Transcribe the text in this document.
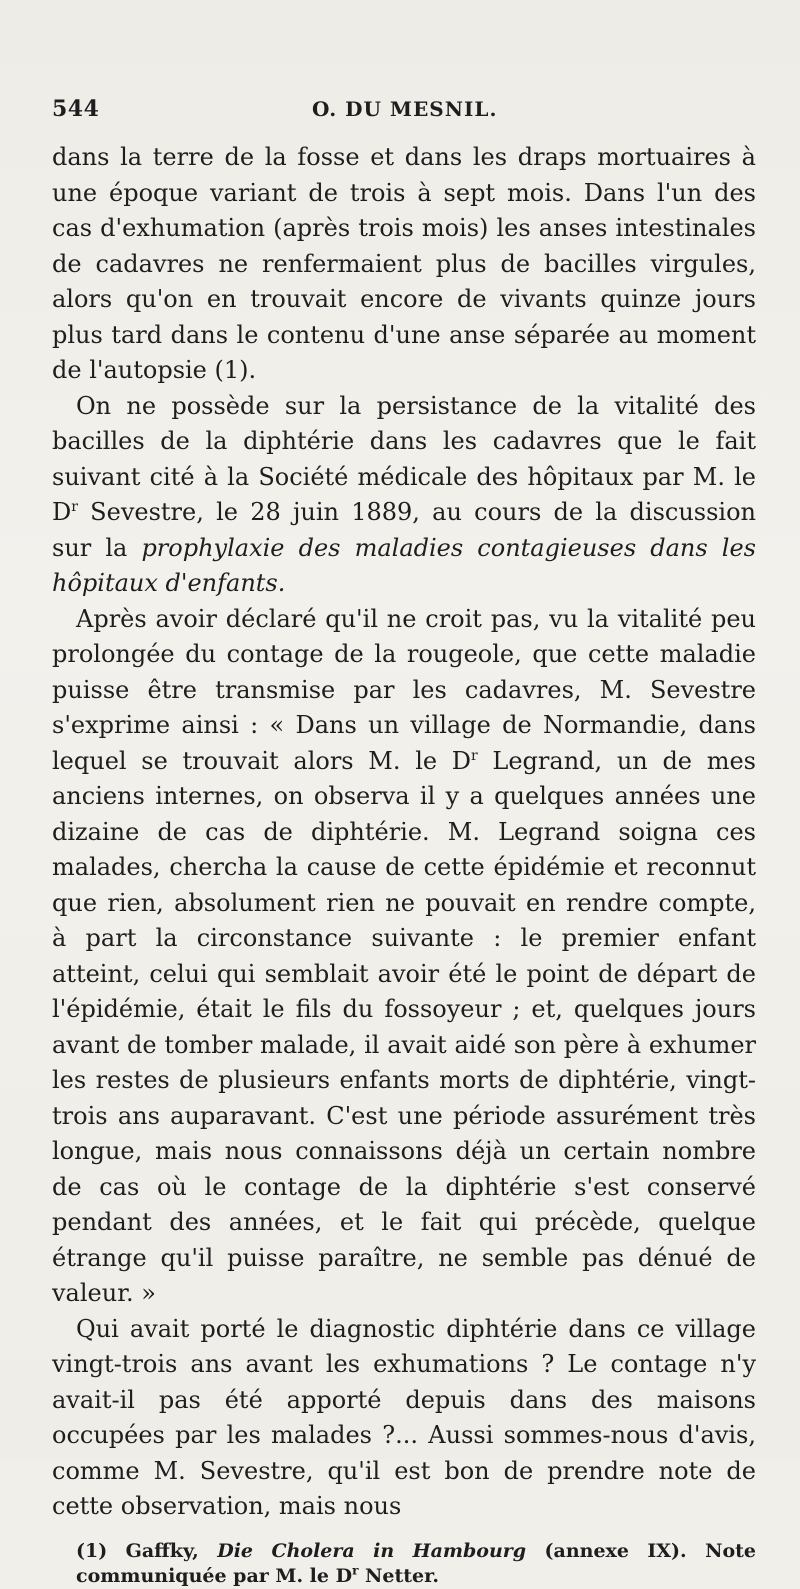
544	O. DU MESNIL.

dans la terre de la fosse et dans les draps mortuaires à une époque variant de trois à sept mois. Dans l'un des cas d'exhumation (après trois mois) les anses intestinales de cadavres ne renfermaient plus de bacilles virgules, alors qu'on en trouvait encore de vivants quinze jours plus tard dans le contenu d'une anse séparée au moment de l'autopsie (1).

On ne possède sur la persistance de la vitalité des bacilles de la diphtérie dans les cadavres que le fait suivant cité à la Société médicale des hôpitaux par M. le $D^r$ Sevestre, le 28 juin 1889, au cours de la discussion sur la prophylaxie des maladies contagieuses dans les hôpitaux d'enfants.

Après avoir déclaré qu'il ne croit pas, vu la vitalité peu prolongée du contage de la rougeole, que cette maladie puisse être transmise par les cadavres, M. Sevestre s'exprime ainsi : « Dans un village de Normandie, dans lequel se trouvait alors M. le $D^r$ Legrand, un de mes anciens internes, on observa il y a quelques années une dizaine de cas de diphtérie. M. Legrand soigna ces malades, chercha la cause de cette épidémie et reconnut que rien, absolument rien ne pouvait en rendre compte, à part la circonstance suivante : le premier enfant atteint, celui qui semblait avoir été le point de départ de l'épidémie, était le fils du fossoyeur ; et, quelques jours avant de tomber malade, il avait aidé son père à exhumer les restes de plusieurs enfants morts de diphtérie, vingt-trois ans auparavant. C'est une période assurément très longue, mais nous connaissons déjà un certain nombre de cas où le contage de la diphtérie s'est conservé pendant des années, et le fait qui précède, quelque étrange qu'il puisse paraître, ne semble pas dénué de valeur. »

Qui avait porté le diagnostic diphtérie dans ce village vingt-trois ans avant les exhumations ? Le contage n'y avait-il pas été apporté depuis dans des maisons occupées par les malades ?... Aussi sommes-nous d'avis, comme M. Sevestre, qu'il est bon de prendre note de cette observation, mais nous

(1) Gaffky, Die Cholera in Hambourg (annexe IX). Note communiquée par M. le $D^r$ Netter.
